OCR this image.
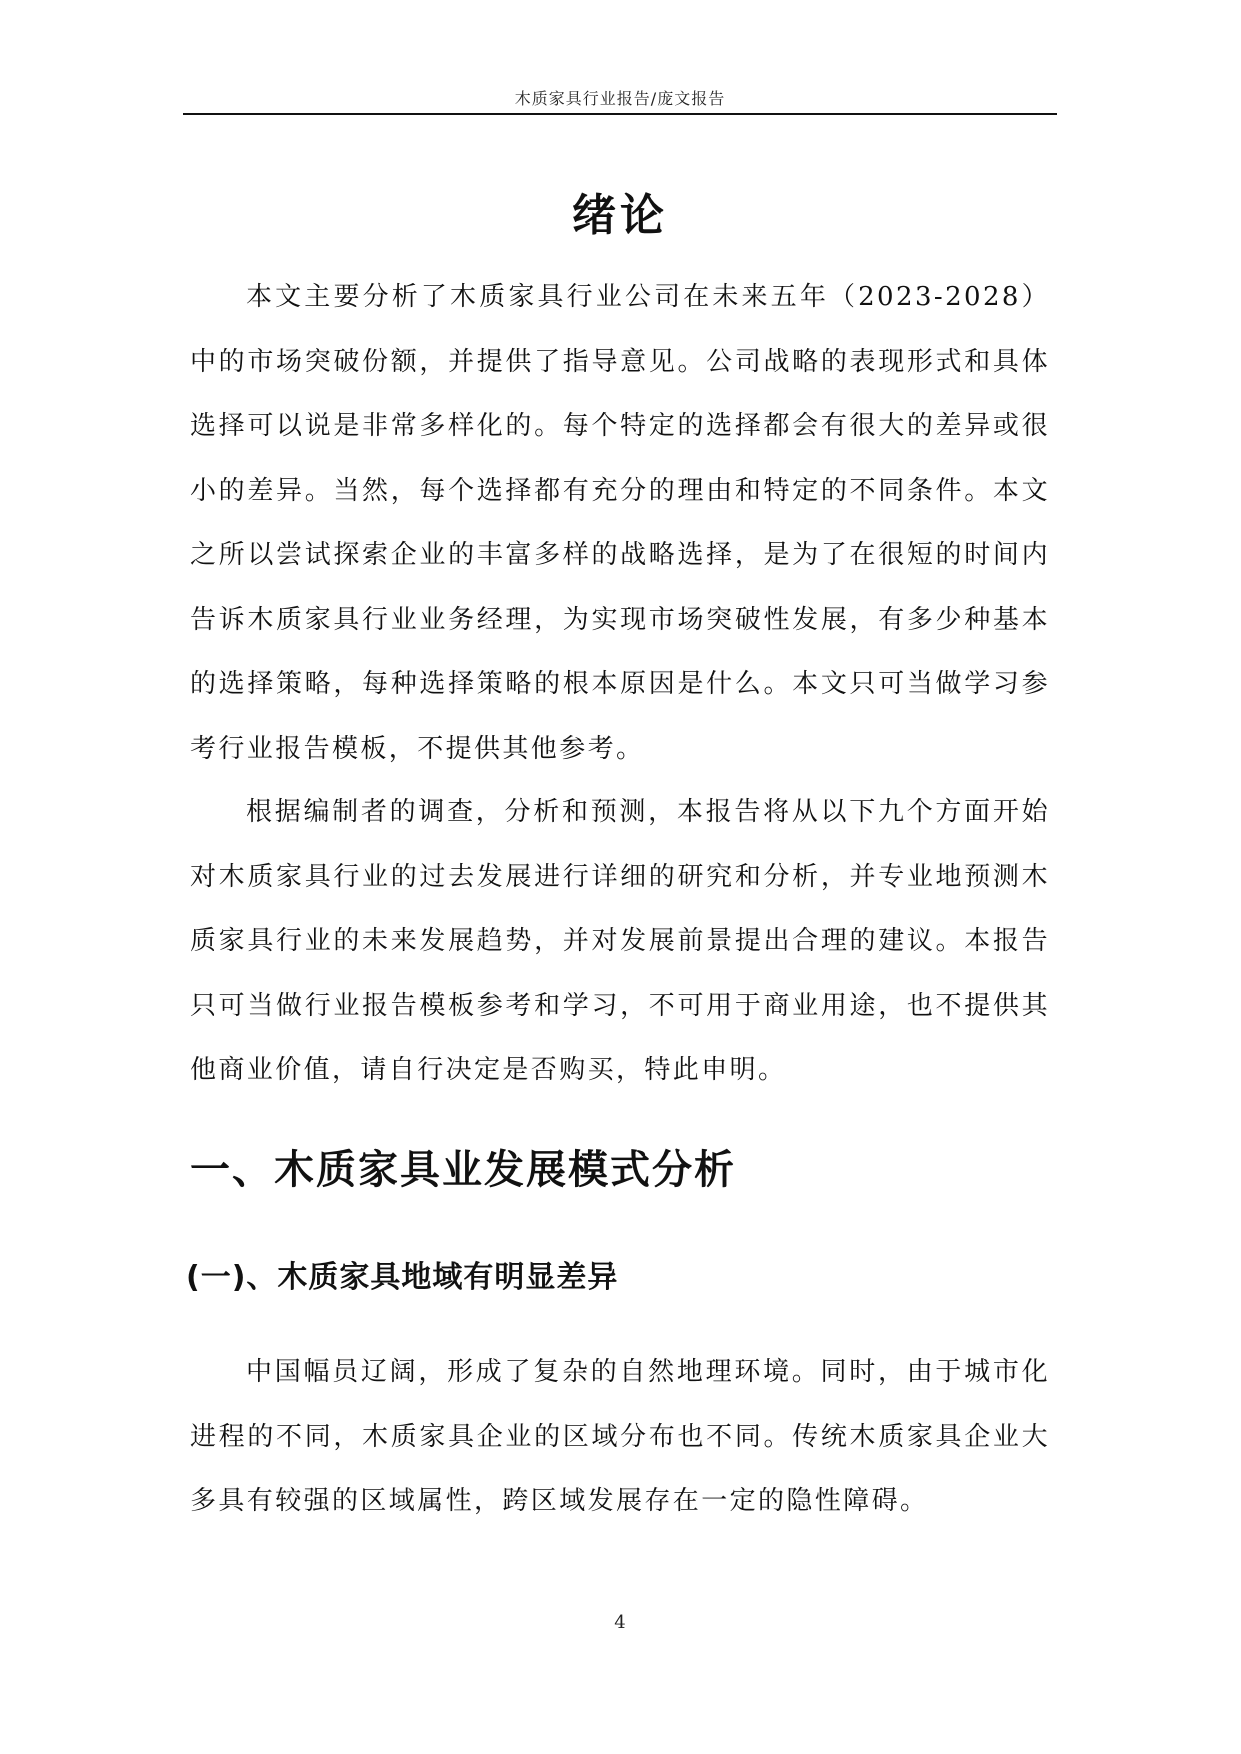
木质家具行业报告/庞文报告
绪论

本文主要分析了木质家具行业公司在未来五年（2023-2028）中的市场突破份额，并提供了指导意见。公司战略的表现形式和具体选择可以说是非常多样化的。每个特定的选择都会有很大的差异或很小的差异。当然，每个选择都有充分的理由和特定的不同条件。本文之所以尝试探索企业的丰富多样的战略选择，是为了在很短的时间内告诉木质家具行业业务经理，为实现市场突破性发展，有多少种基本的选择策略，每种选择策略的根本原因是什么。本文只可当做学习参考行业报告模板，不提供其他参考。

根据编制者的调查，分析和预测，本报告将从以下九个方面开始对木质家具行业的过去发展进行详细的研究和分析，并专业地预测木质家具行业的未来发展趋势，并对发展前景提出合理的建议。本报告只可当做行业报告模板参考和学习，不可用于商业用途，也不提供其他商业价值，请自行决定是否购买，特此申明。

一、木质家具业发展模式分析
(一)、木质家具地域有明显差异

中国幅员辽阔，形成了复杂的自然地理环境。同时，由于城市化进程的不同，木质家具企业的区域分布也不同。传统木质家具企业大多具有较强的区域属性，跨区域发展存在一定的隐性障碍。

4
